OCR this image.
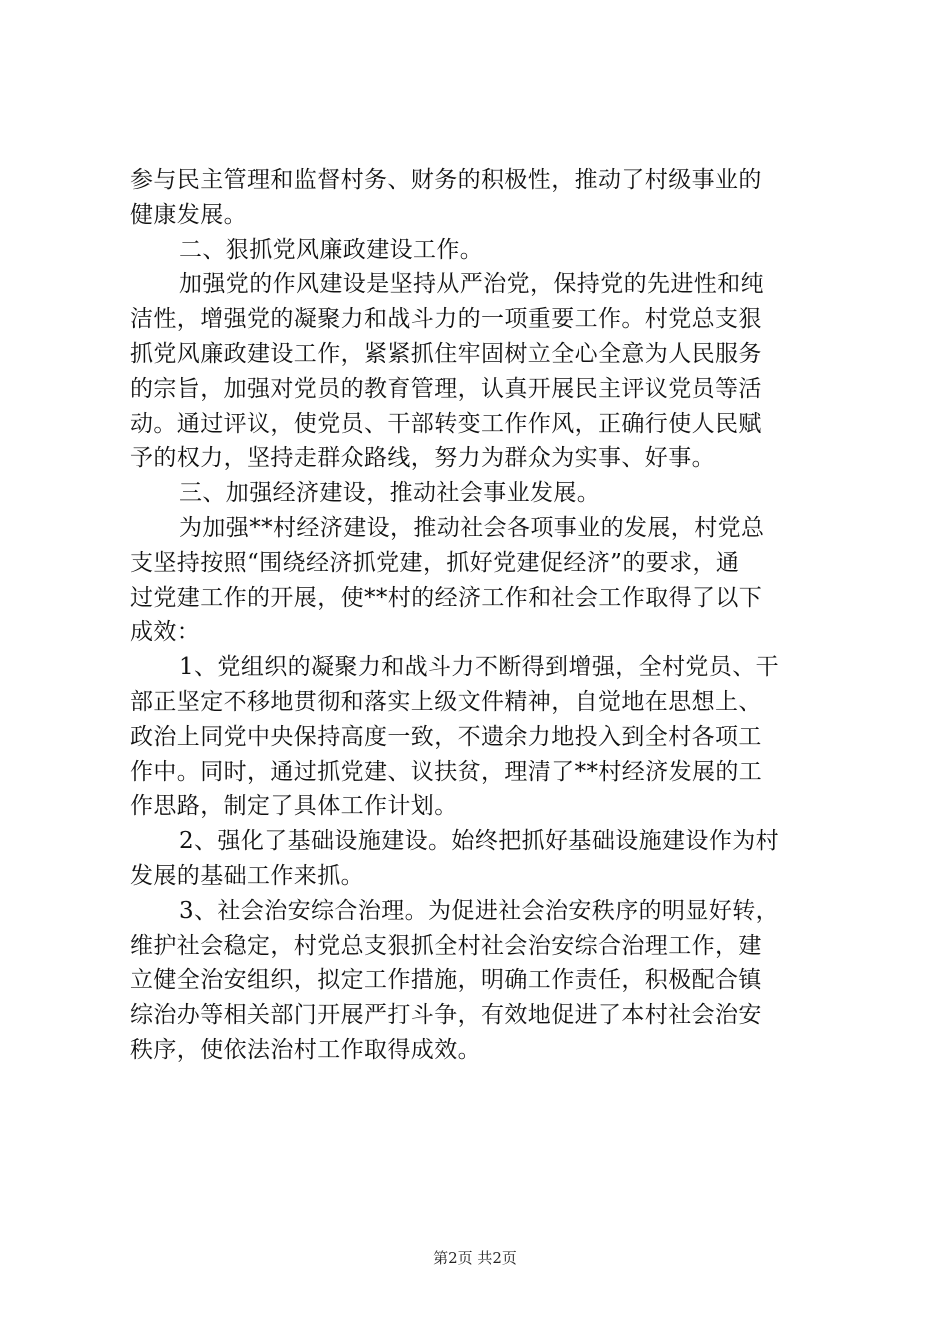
参与民主管理和监督村务、财务的积极性，推动了村级事业的
健康发展。
二、狠抓党风廉政建设工作。
加强党的作风建设是坚持从严治党，保持党的先进性和纯
洁性，增强党的凝聚力和战斗力的一项重要工作。村党总支狠
抓党风廉政建设工作，紧紧抓住牢固树立全心全意为人民服务
的宗旨，加强对党员的教育管理，认真开展民主评议党员等活
动。通过评议，使党员、干部转变工作作风，正确行使人民赋
予的权力，坚持走群众路线，努力为群众为实事、好事。
三、加强经济建设，推动社会事业发展。
为加强**村经济建设，推动社会各项事业的发展，村党总
支坚持按照“围绕经济抓党建，抓好党建促经济”的要求，通
过党建工作的开展，使**村的经济工作和社会工作取得了以下
成效：
1、党组织的凝聚力和战斗力不断得到增强，全村党员、干
部正坚定不移地贯彻和落实上级文件精神，自觉地在思想上、
政治上同党中央保持高度一致，不遗余力地投入到全村各项工
作中。同时，通过抓党建、议扶贫，理清了**村经济发展的工
作思路，制定了具体工作计划。
2、强化了基础设施建设。始终把抓好基础设施建设作为村
发展的基础工作来抓。
3、社会治安综合治理。为促进社会治安秩序的明显好转，
维护社会稳定，村党总支狠抓全村社会治安综合治理工作，建
立健全治安组织，拟定工作措施，明确工作责任，积极配合镇
综治办等相关部门开展严打斗争，有效地促进了本村社会治安
秩序，使依法治村工作取得成效。
第2页 共2页
